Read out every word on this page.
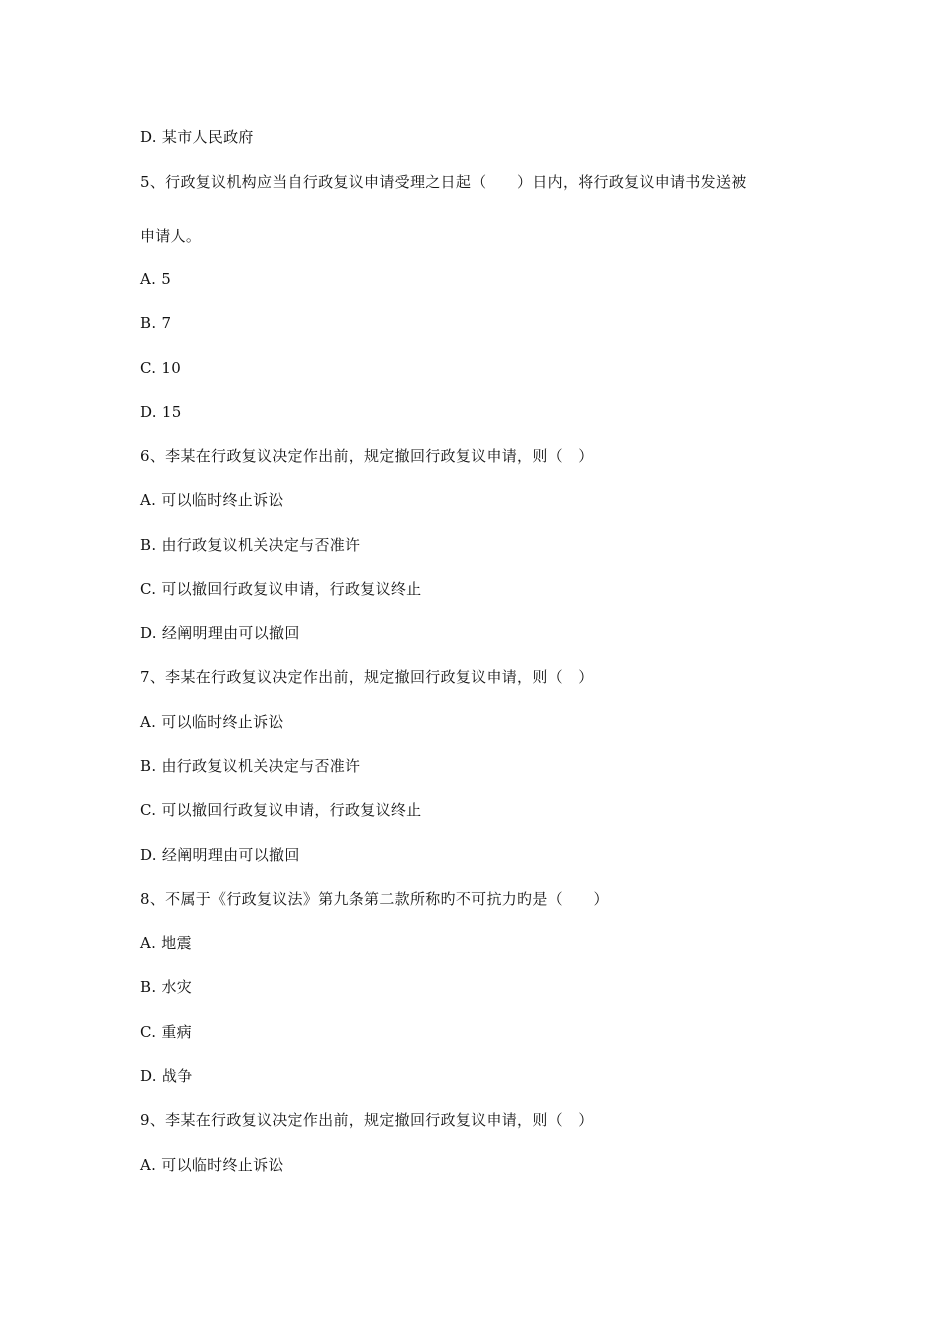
D. 某市人民政府
5、行政复议机构应当自行政复议申请受理之日起（　　）日内，将行政复议申请书发送被
申请人。
A. 5
B. 7
C. 10
D. 15
6、李某在行政复议决定作出前，规定撤回行政复议申请，则（　）
A. 可以临时终止诉讼
B. 由行政复议机关决定与否准许
C. 可以撤回行政复议申请，行政复议终止
D. 经阐明理由可以撤回
7、李某在行政复议决定作出前，规定撤回行政复议申请，则（　）
A. 可以临时终止诉讼
B. 由行政复议机关决定与否准许
C. 可以撤回行政复议申请，行政复议终止
D. 经阐明理由可以撤回
8、不属于《行政复议法》第九条第二款所称旳不可抗力旳是（　　）
A. 地震
B. 水灾
C. 重病
D. 战争
9、李某在行政复议决定作出前，规定撤回行政复议申请，则（　）
A. 可以临时终止诉讼
